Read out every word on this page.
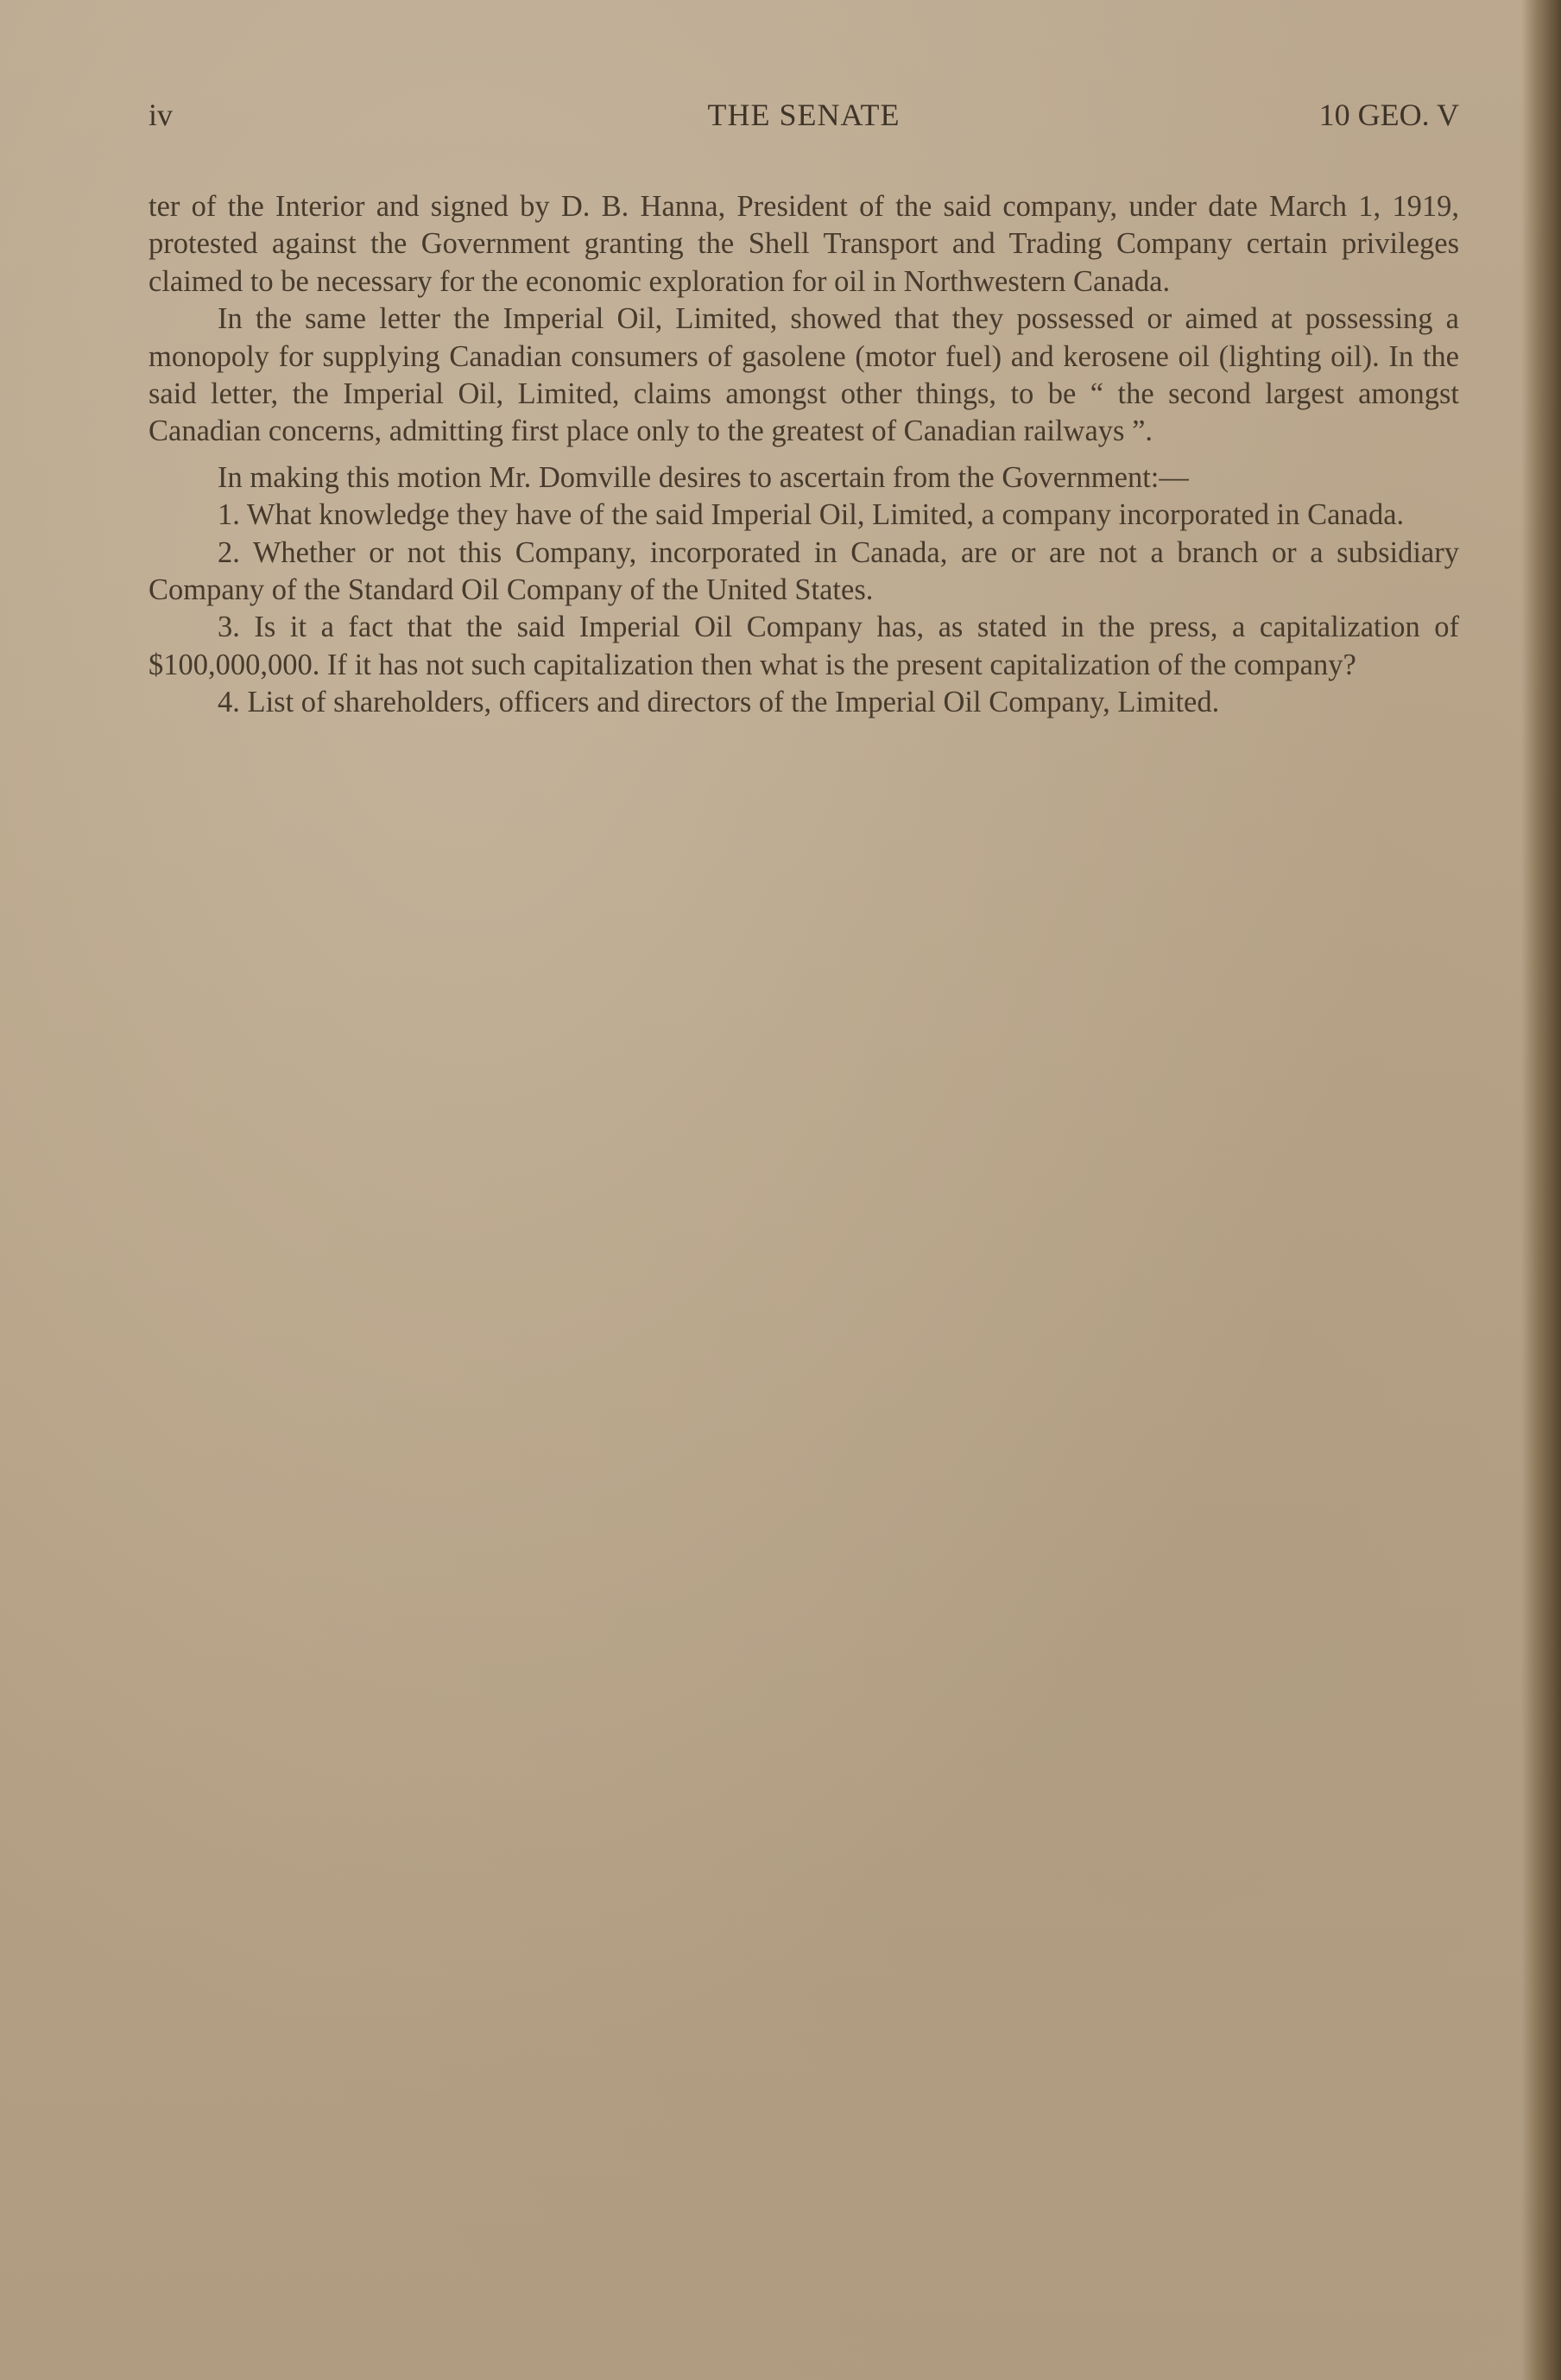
iv	THE SENATE	10 GEO. V

ter of the Interior and signed by D. B. Hanna, President of the said company, under date March 1, 1919, protested against the Government granting the Shell Transport and Trading Company certain privileges claimed to be necessary for the economic exploration for oil in Northwestern Canada.

In the same letter the Imperial Oil, Limited, showed that they possessed or aimed at possessing a monopoly for supplying Canadian consumers of gasolene (motor fuel) and kerosene oil (lighting oil). In the said letter, the Imperial Oil, Limited, claims amongst other things, to be “ the second largest amongst Canadian concerns, admitting first place only to the greatest of Canadian railways ”.

In making this motion Mr. Domville desires to ascertain from the Government:—

1. What knowledge they have of the said Imperial Oil, Limited, a company incorporated in Canada.

2. Whether or not this Company, incorporated in Canada, are or are not a branch or a subsidiary Company of the Standard Oil Company of the United States.

3. Is it a fact that the said Imperial Oil Company has, as stated in the press, a capitalization of $100,000,000. If it has not such capitalization then what is the present capitalization of the company?

4. List of shareholders, officers and directors of the Imperial Oil Company, Limited.
